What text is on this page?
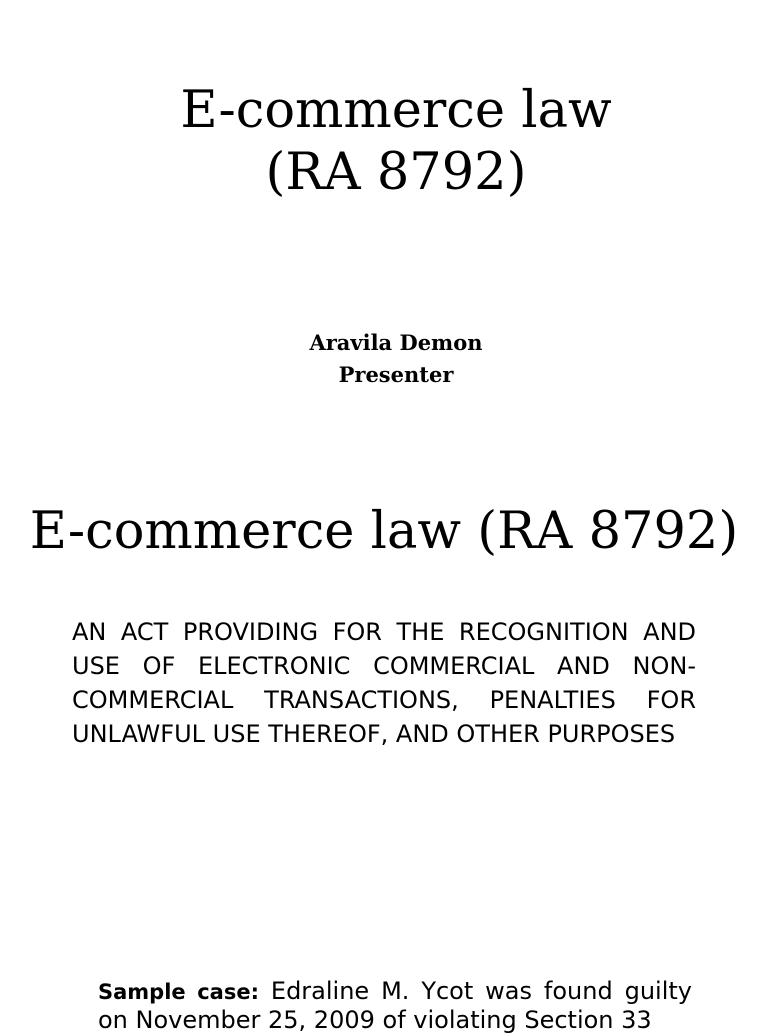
E-commerce law
(RA 8792)
Aravila Demon
Presenter
E-commerce law (RA 8792)

AN ACT PROVIDING FOR THE RECOGNITION AND USE OF ELECTRONIC COMMERCIAL AND NON-COMMERCIAL TRANSACTIONS, PENALTIES FOR UNLAWFUL USE THEREOF, AND OTHER PURPOSES

Sample case: Edraline M. Ycot was found guilty on November 25, 2009 of violating Section 33
